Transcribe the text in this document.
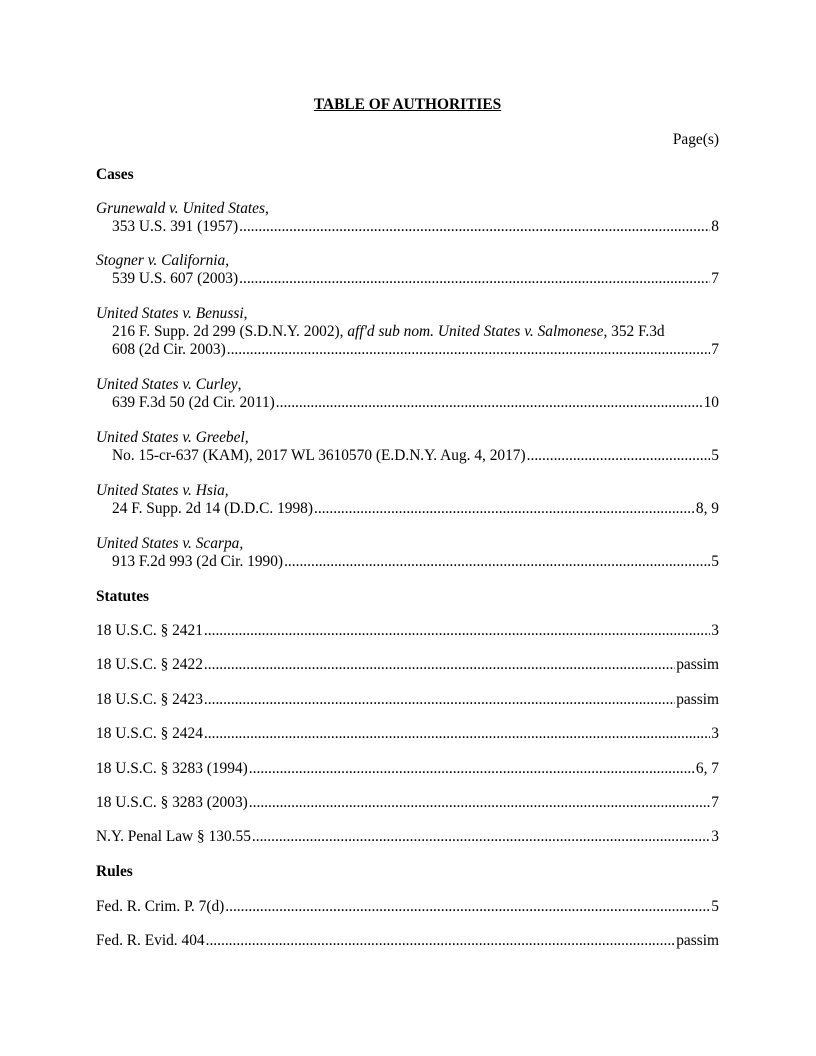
TABLE OF AUTHORITIES
Page(s)
Cases
Grunewald v. United States,
353 U.S. 391 (1957) .....	8
Stogner v. California,
539 U.S. 607 (2003) .....	7
United States v. Benussi,
216 F. Supp. 2d 299 (S.D.N.Y. 2002), aff'd sub nom. United States v. Salmonese, 352 F.3d
608 (2d Cir. 2003) .....	7
United States v. Curley,
639 F.3d 50 (2d Cir. 2011) .....	10
United States v. Greebel,
No. 15-cr-637 (KAM), 2017 WL 3610570 (E.D.N.Y. Aug. 4, 2017) .....	5
United States v. Hsia,
24 F. Supp. 2d 14 (D.D.C. 1998) .....	8, 9
United States v. Scarpa,
913 F.2d 993 (2d Cir. 1990) .....	5
Statutes
18 U.S.C. § 2421 .....	3
18 U.S.C. § 2422 .....	passim
18 U.S.C. § 2423 .....	passim
18 U.S.C. § 2424 .....	3
18 U.S.C. § 3283 (1994) .....	6, 7
18 U.S.C. § 3283 (2003) .....	7
N.Y. Penal Law § 130.55 .....	3
Rules
Fed. R. Crim. P. 7(d) .....	5
Fed. R. Evid. 404 .....	passim
